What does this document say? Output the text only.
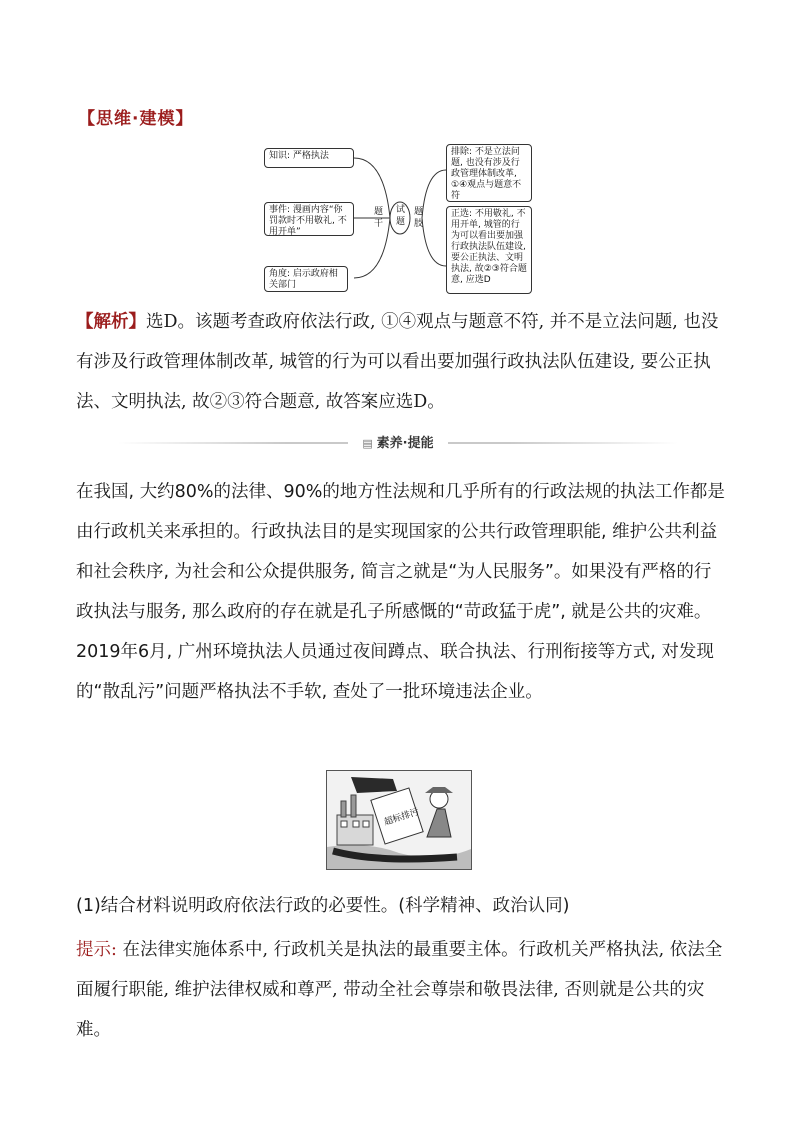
【思维·建模】
知识: 严格执法
事件: 漫画内容“你罚款时不用敬礼, 不用开单”
角度: 启示政府相关部门
题干
试题
题肢
排除: 不是立法问题, 也没有涉及行政管理体制改革, ①④观点与题意不符
正选: 不用敬礼, 不用开单, 城管的行为可以看出要加强行政执法队伍建设, 要公正执法、文明执法, 故②③符合题意, 应选D
【解析】选D。该题考查政府依法行政, ①④观点与题意不符, 并不是立法问题, 也没有涉及行政管理体制改革, 城管的行为可以看出要加强行政执法队伍建设, 要公正执法、文明执法, 故②③符合题意, 故答案应选D。
▤ 素养·提能
在我国, 大约80%的法律、90%的地方性法规和几乎所有的行政法规的执法工作都是由行政机关来承担的。行政执法目的是实现国家的公共行政管理职能, 维护公共利益和社会秩序, 为社会和公众提供服务, 简言之就是“为人民服务”。如果没有严格的行政执法与服务, 那么政府的存在就是孔子所感慨的“苛政猛于虎”, 就是公共的灾难。2019年6月, 广州环境执法人员通过夜间蹲点、联合执法、行刑衔接等方式, 对发现的“散乱污”问题严格执法不手软, 查处了一批环境违法企业。
超标排污
(1)结合材料说明政府依法行政的必要性。(科学精神、政治认同)
提示: 在法律实施体系中, 行政机关是执法的最重要主体。行政机关严格执法, 依法全面履行职能, 维护法律权威和尊严, 带动全社会尊崇和敬畏法律, 否则就是公共的灾难。
